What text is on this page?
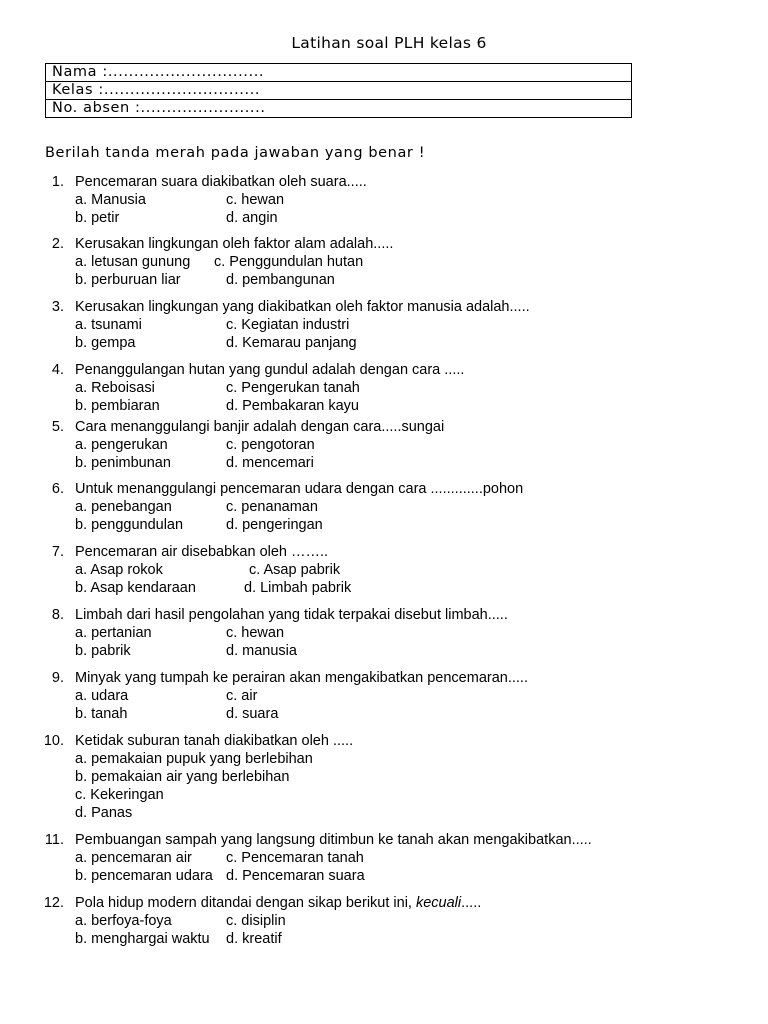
Latihan soal PLH kelas 6
Nama :..............................
Kelas :..............................
No. absen :........................
Berilah tanda merah pada jawaban yang benar !
1. Pencemaran suara diakibatkan oleh suara.....
a. Manusia	c. hewan
b. petir	d. angin
2. Kerusakan lingkungan oleh faktor alam adalah.....
a. letusan gunung c. Penggundulan hutan
b. perburuan liar	d. pembangunan
3. Kerusakan lingkungan yang diakibatkan oleh faktor manusia adalah.....
a. tsunami	c. Kegiatan industri
b. gempa	d. Kemarau panjang
4. Penanggulangan hutan yang gundul adalah dengan cara .....
a. Reboisasi	c. Pengerukan tanah
b. pembiaran	d. Pembakaran kayu
5. Cara menanggulangi banjir adalah dengan cara.....sungai
a. pengerukan	c. pengotoran
b. penimbunan	d. mencemari
6. Untuk menanggulangi pencemaran udara dengan cara .............pohon
a. penebangan	c. penanaman
b. penggundulan	d. pengeringan
7. Pencemaran air disebabkan oleh ……..
a. Asap rokok	c. Asap pabrik
b. Asap kendaraan	d. Limbah pabrik
8. Limbah dari hasil pengolahan yang tidak terpakai disebut limbah.....
a. pertanian	c. hewan
b. pabrik	d. manusia
9. Minyak yang tumpah ke perairan akan mengakibatkan pencemaran.....
a. udara	c. air
b. tanah	d. suara
10. Ketidak suburan tanah diakibatkan oleh .....
a. pemakaian pupuk yang berlebihan
b. pemakaian air yang berlebihan
c. Kekeringan
d. Panas
11. Pembuangan sampah yang langsung ditimbun ke tanah akan mengakibatkan.....
a. pencemaran air c. Pencemaran tanah
b. pencemaran udara d. Pencemaran suara
12. Pola hidup modern ditandai dengan sikap berikut ini, kecuali.....
a. berfoya-foya	c. disiplin
b. menghargai waktu d. kreatif
